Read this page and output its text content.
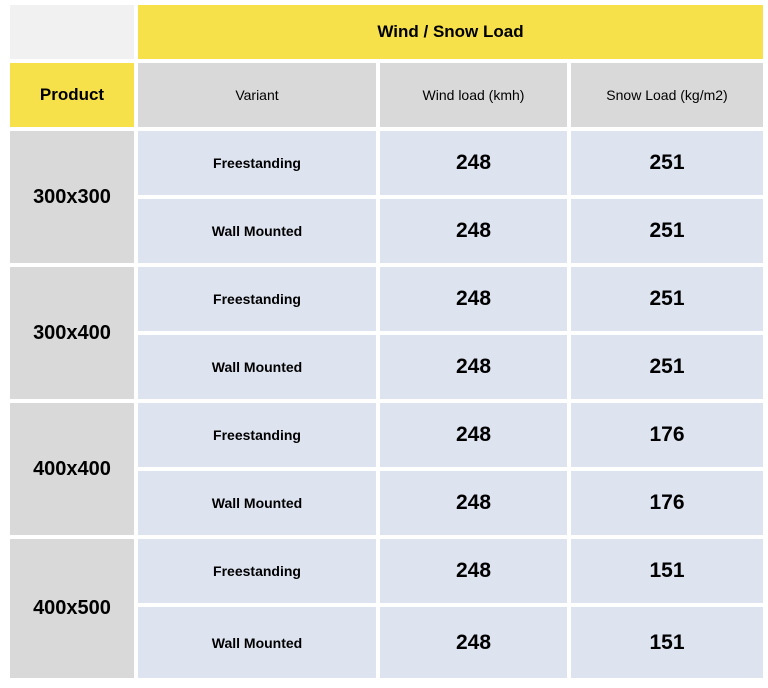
Wind / Snow Load
Product	Variant	Wind load (kmh)	Snow Load (kg/m2)
300x300
Freestanding	248	251
Wall Mounted	248	251
300x400
Freestanding	248	251
Wall Mounted	248	251
400x400
Freestanding	248	176
Wall Mounted	248	176
400x500
Freestanding	248	151
Wall Mounted	248	151
